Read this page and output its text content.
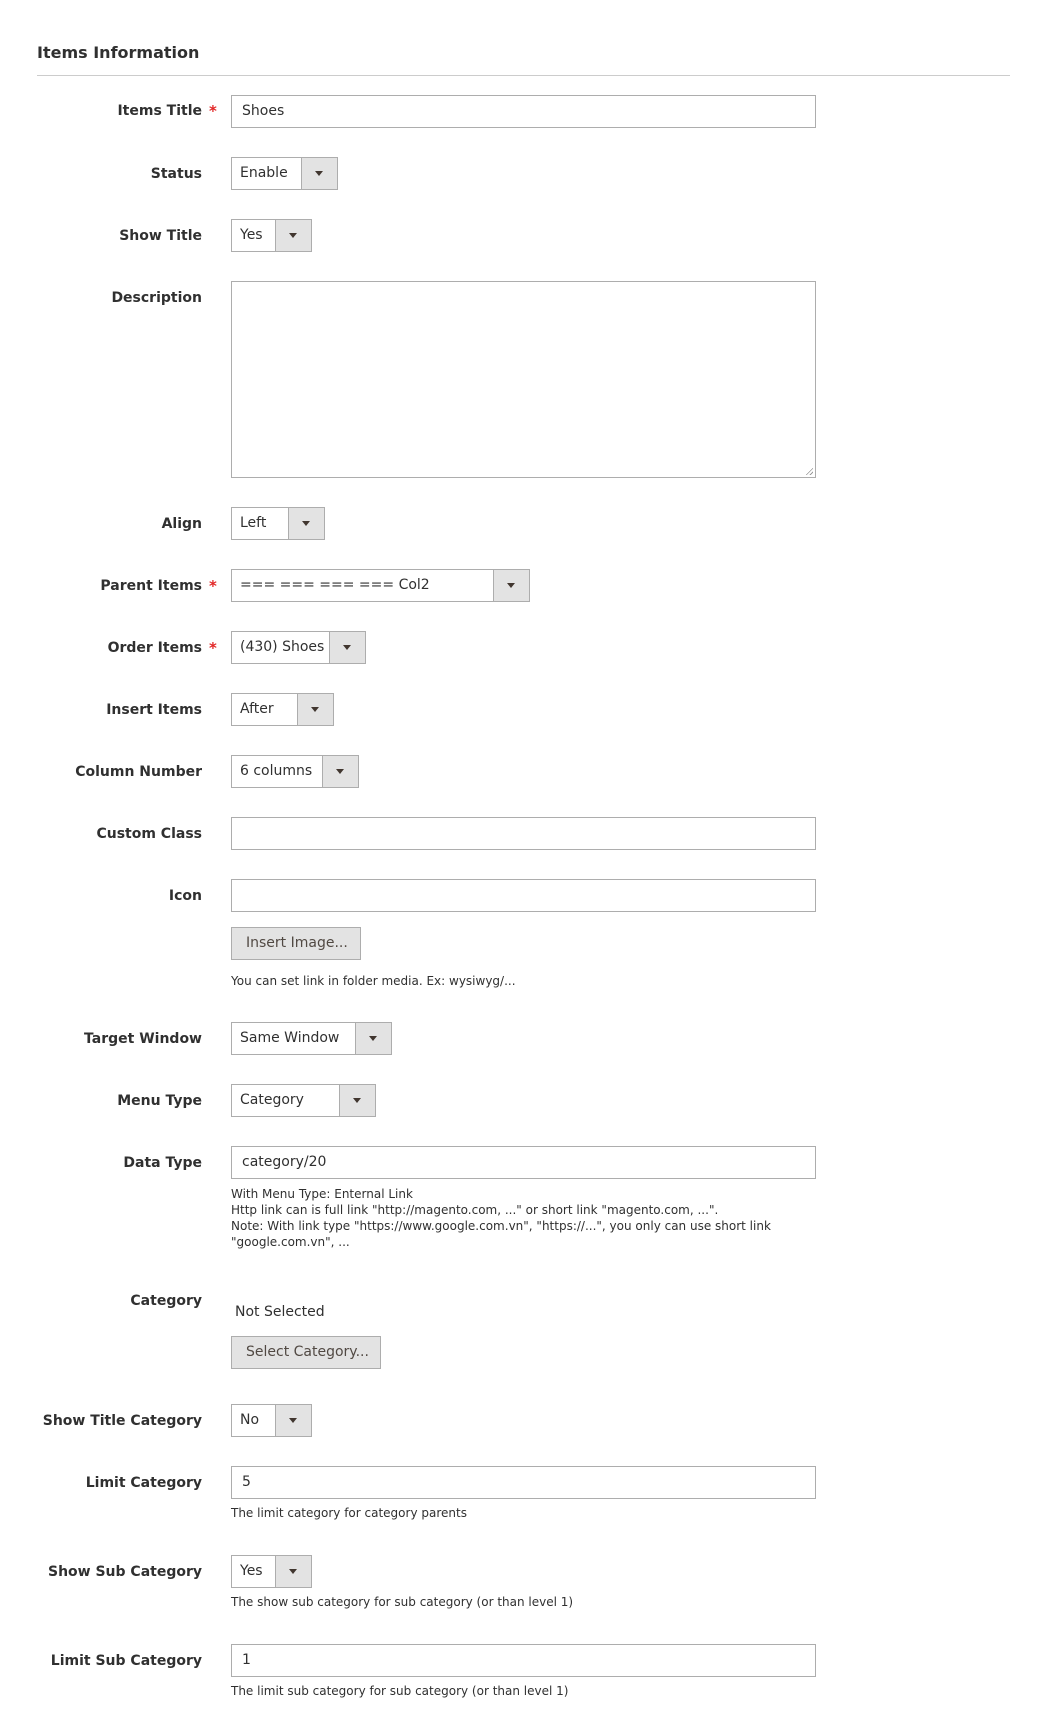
Items Information
Items Title *	Shoes
Status	Enable
Show Title	Yes
Description
Align	Left
Parent Items * === === === === Col2
Order Items * (430) Shoes
Insert Items	After
Column Number	6 columns
Custom Class
Icon
Insert Image...
You can set link in folder media. Ex: wysiwyg/...
Target Window	Same Window
Menu Type	Category
Data Type	category/20
With Menu Type: Enternal Link
Http link can is full link "http://magento.com, ..." or short link "magento.com, ...".
Note: With link type "https://www.google.com.vn", "https://...", you only can use short link
"google.com.vn", ...
Category
Not Selected
Select Category...
Show Title Category	No
Limit Category	5
The limit category for category parents
Show Sub Category	Yes
The show sub category for sub category (or than level 1)
Limit Sub Category	1
The limit sub category for sub category (or than level 1)
